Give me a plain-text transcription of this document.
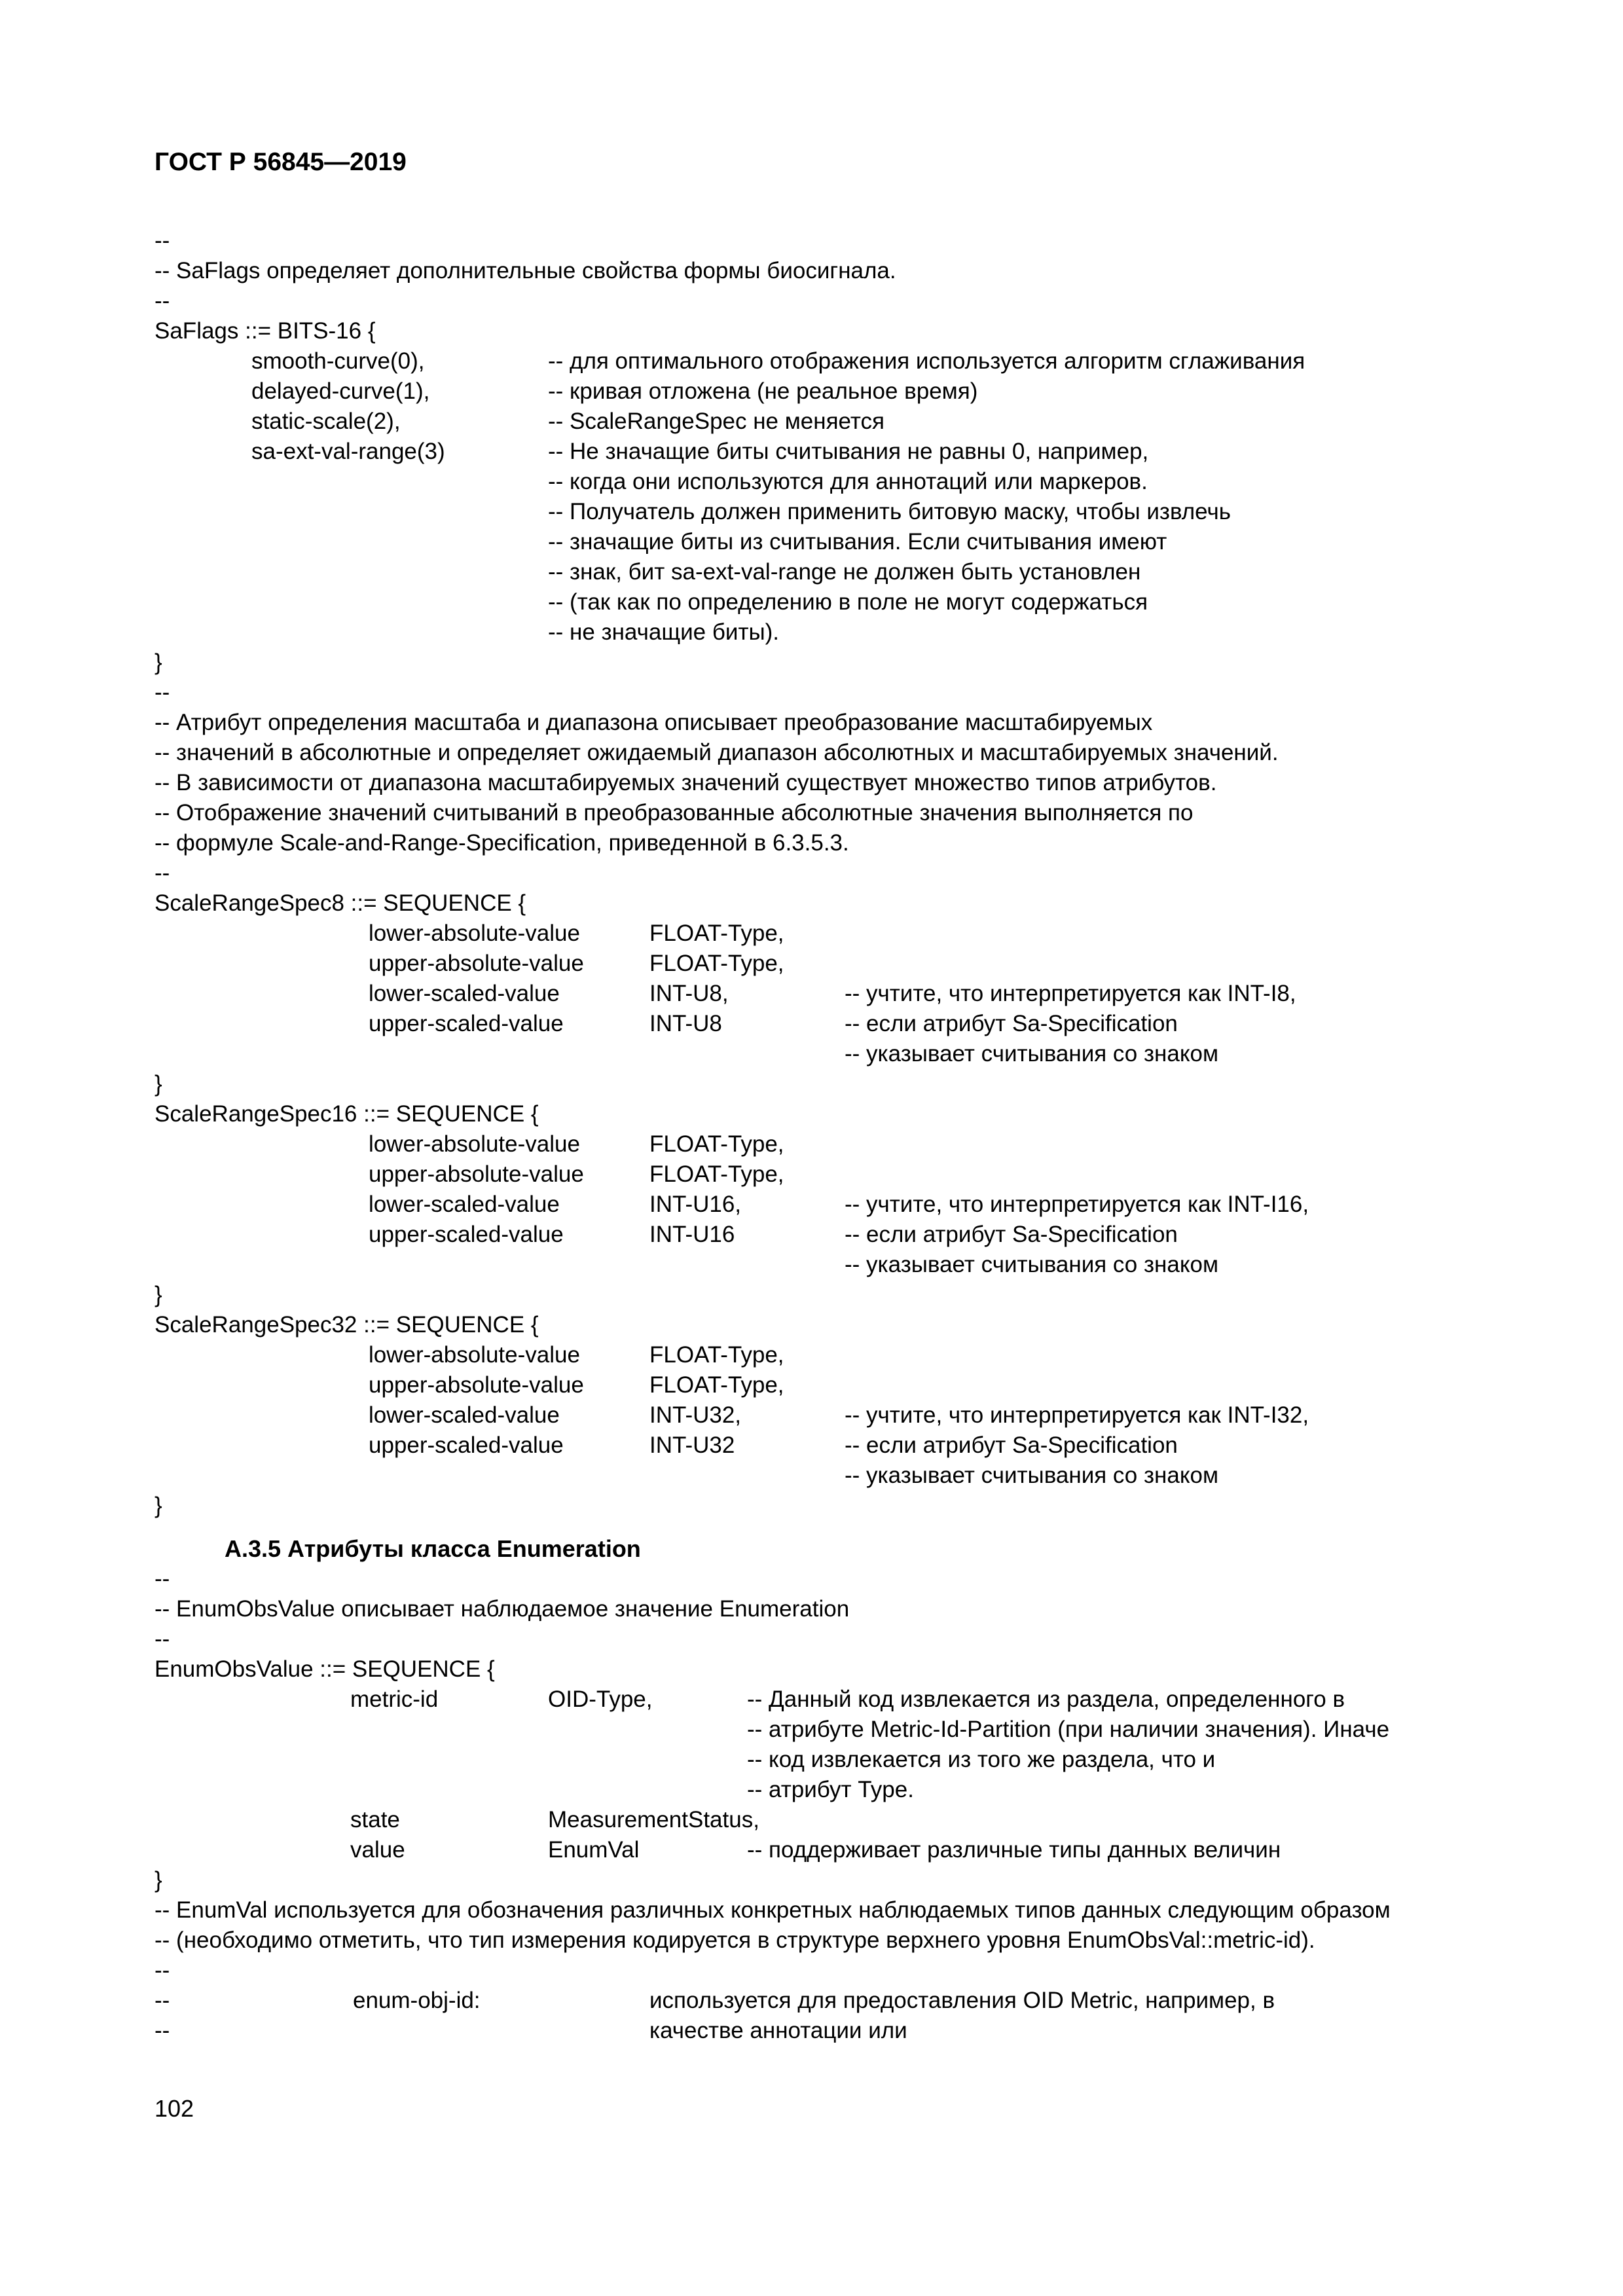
ГОСТ Р 56845—2019
--
-- SaFlags определяет дополнительные свойства формы биосигнала.
--
SaFlags ::= BITS-16 {
smooth-curve(0),	-- для оптимального отображения используется алгоритм сглаживания
delayed-curve(1),	-- кривая отложена (не реальное время)
static-scale(2),	-- ScaleRangeSpec не меняется
sa-ext-val-range(3)	-- Не значащие биты считывания не равны 0, например,
-- когда они используются для аннотаций или маркеров.
-- Получатель должен применить битовую маску, чтобы извлечь
-- значащие биты из считывания. Если считывания имеют
-- знак, бит sa-ext-val-range не должен быть установлен
-- (так как по определению в поле не могут содержаться
-- не значащие биты).
}
--
-- Атрибут определения масштаба и диапазона описывает преобразование масштабируемых
-- значений в абсолютные и определяет ожидаемый диапазон абсолютных и масштабируемых значений.
-- В зависимости от диапазона масштабируемых значений существует множество типов атрибутов.
-- Отображение значений считываний в преобразованные абсолютные значения выполняется по
-- формуле Scale-and-Range-Specification, приведенной в 6.3.5.3.
--
ScaleRangeSpec8 ::= SEQUENCE {
lower-absolute-value	FLOAT-Type,
upper-absolute-value	FLOAT-Type,
lower-scaled-value	INT-U8,	-- учтите, что интерпретируется как INT-I8,
upper-scaled-value	INT-U8	-- если атрибут Sa-Specification
-- указывает считывания со знаком
}
ScaleRangeSpec16 ::= SEQUENCE {
lower-absolute-value	FLOAT-Type,
upper-absolute-value	FLOAT-Type,
lower-scaled-value	INT-U16,	-- учтите, что интерпретируется как INT-I16,
upper-scaled-value	INT-U16	-- если атрибут Sa-Specification
-- указывает считывания со знаком
}
ScaleRangeSpec32 ::= SEQUENCE {
lower-absolute-value	FLOAT-Type,
upper-absolute-value	FLOAT-Type,
lower-scaled-value	INT-U32,	-- учтите, что интерпретируется как INT-I32,
upper-scaled-value	INT-U32	-- если атрибут Sa-Specification
-- указывает считывания со знаком
}
A.3.5 Атрибуты класса Enumeration
--
-- EnumObsValue описывает наблюдаемое значение Enumeration
--
EnumObsValue ::= SEQUENCE {
metric-id	OID-Type,	-- Данный код извлекается из раздела, определенного в
-- атрибуте Metric-Id-Partition (при наличии значения). Иначе
-- код извлекается из того же раздела, что и
-- атрибут Type.
state	MeasurementStatus,
value	EnumVal	-- поддерживает различные типы данных величин
}
-- EnumVal используется для обозначения различных конкретных наблюдаемых типов данных следующим образом
-- (необходимо отметить, что тип измерения кодируется в структуре верхнего уровня EnumObsVal::metric-id).
--
--	enum-obj-id:	используется для предоставления OID Metric, например, в
--	качестве аннотации или
102
